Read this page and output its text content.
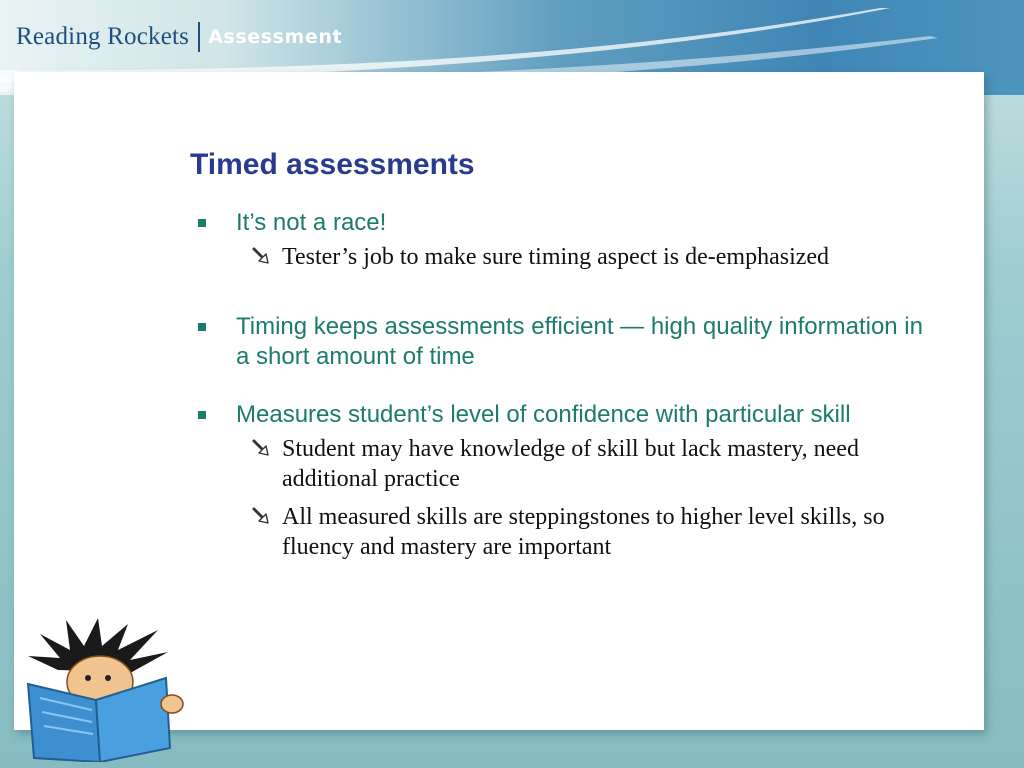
Reading Rockets Assessment
Timed assessments
It’s not a race!
Tester’s job to make sure timing aspect is de-emphasized
Timing keeps assessments efficient — high quality information in a short amount of time
Measures student’s level of confidence with particular skill
Student may have knowledge of skill but lack mastery, need additional practice
All measured skills are steppingstones to higher level skills, so fluency and mastery are important
